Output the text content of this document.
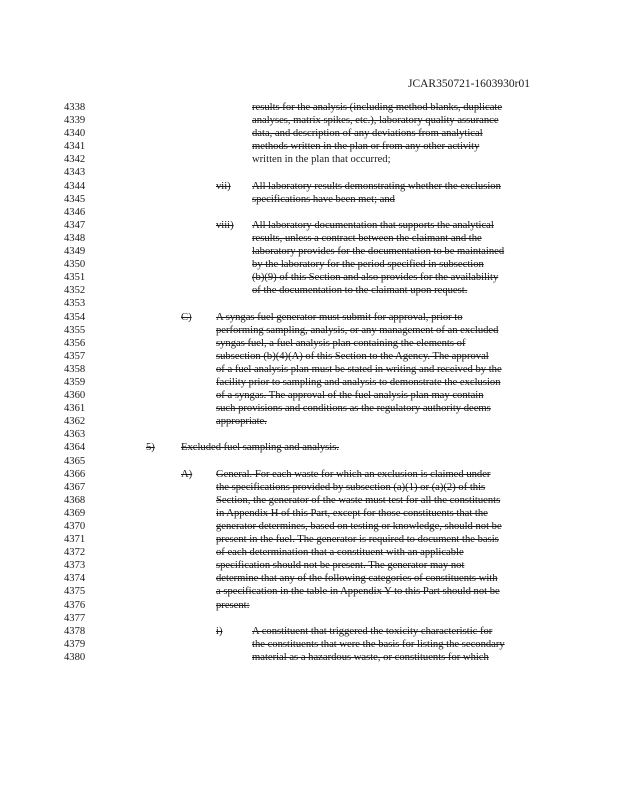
JCAR350721-1603930r01
4338	results for the analysis (including method blanks, duplicate
4339	analyses, matrix spikes, etc.), laboratory quality assurance
4340	data, and description of any deviations from analytical
4341	methods written in the plan or from any other activity
4342	written in the plan that occurred;
4343
4344	vii) All laboratory results demonstrating whether the exclusion
4345	specifications have been met; and
4346
4347	viii) All laboratory documentation that supports the analytical
4348	results, unless a contract between the claimant and the
4349	laboratory provides for the documentation to be maintained
4350	by the laboratory for the period specified in subsection
4351	(b)(9) of this Section and also provides for the availability
4352	of the documentation to the claimant upon request.
4353
4354	C) A syngas fuel generator must submit for approval, prior to
4355	performing sampling, analysis, or any management of an excluded
4356	syngas fuel, a fuel analysis plan containing the elements of
4357	subsection (b)(4)(A) of this Section to the Agency. The approval
4358	of a fuel analysis plan must be stated in writing and received by the
4359	facility prior to sampling and analysis to demonstrate the exclusion
4360	of a syngas. The approval of the fuel analysis plan may contain
4361	such provisions and conditions as the regulatory authority deems
4362	appropriate.
4363
4364	5) Excluded fuel sampling and analysis.
4365
4366	A) General. For each waste for which an exclusion is claimed under
4367	the specifications provided by subsection (a)(1) or (a)(2) of this
4368	Section, the generator of the waste must test for all the constituents
4369	in Appendix H of this Part, except for those constituents that the
4370	generator determines, based on testing or knowledge, should not be
4371	present in the fuel. The generator is required to document the basis
4372	of each determination that a constituent with an applicable
4373	specification should not be present. The generator may not
4374	determine that any of the following categories of constituents with
4375	a specification in the table in Appendix Y to this Part should not be
4376	present:
4377
4378	i)	A constituent that triggered the toxicity characteristic for
4379	the constituents that were the basis for listing the secondary
4380	material as a hazardous waste, or constituents for which
